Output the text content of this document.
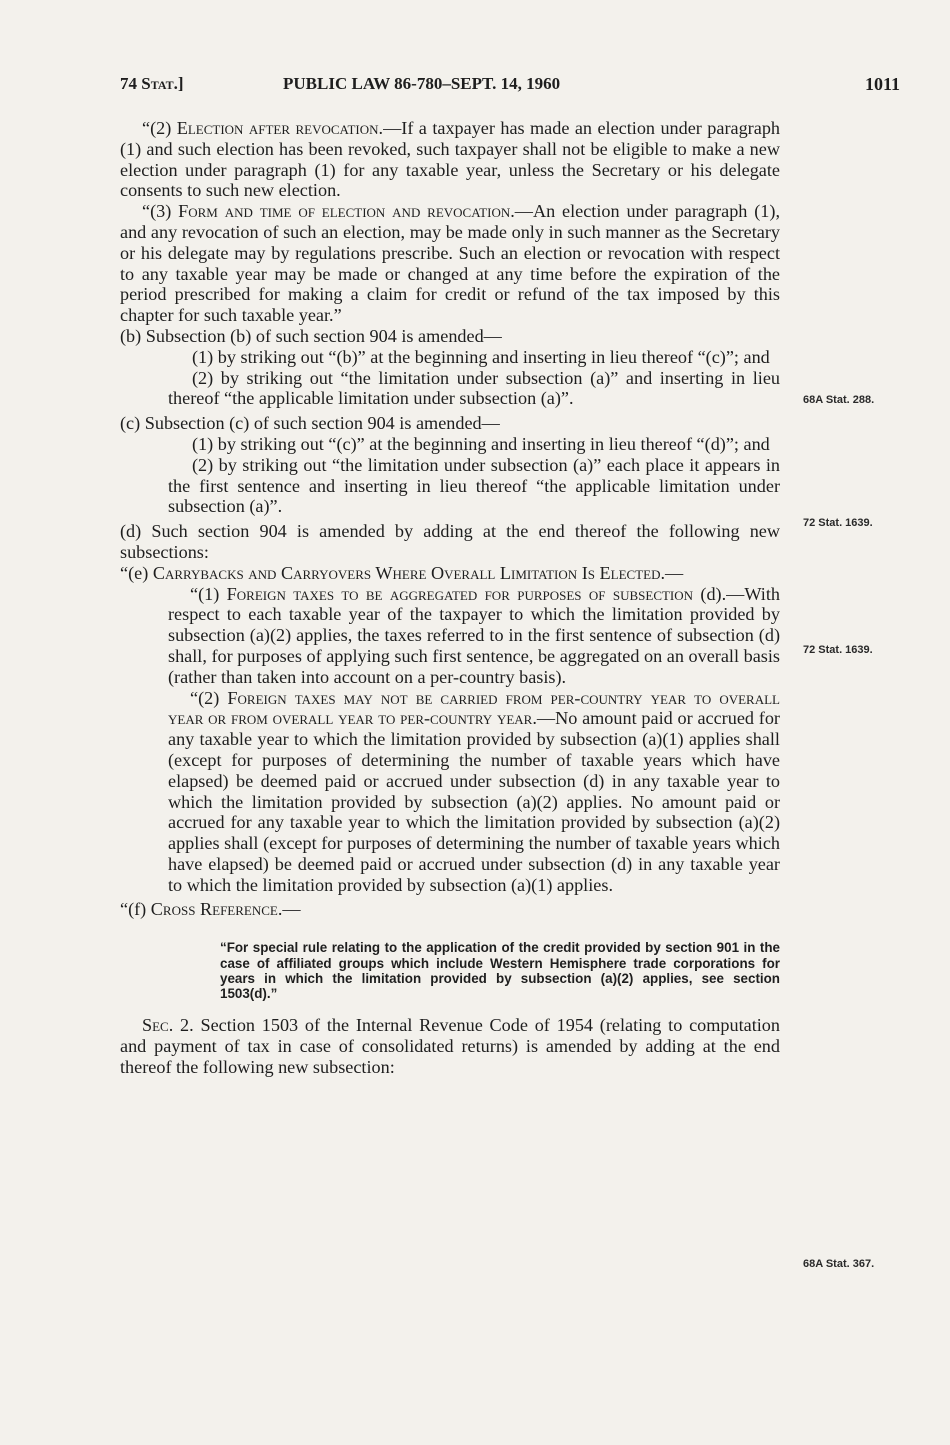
74 Stat.]	PUBLIC LAW 86-780–SEPT. 14, 1960	1011

“(2) Election after revocation.—If a taxpayer has made an election under paragraph (1) and such election has been revoked, such taxpayer shall not be eligible to make a new election under paragraph (1) for any taxable year, unless the Secretary or his delegate consents to such new election.

“(3) Form and time of election and revocation.—An election under paragraph (1), and any revocation of such an election, may be made only in such manner as the Secretary or his delegate may by regulations prescribe. Such an election or revocation with respect to any taxable year may be made or changed at any time before the expiration of the period prescribed for making a claim for credit or refund of the tax imposed by this chapter for such taxable year.”

(b) Subsection (b) of such section 904 is amended—

(1) by striking out “(b)” at the beginning and inserting in lieu thereof “(c)”; and

(2) by striking out “the limitation under subsection (a)” and inserting in lieu thereof “the applicable limitation under subsection (a)”.

(c) Subsection (c) of such section 904 is amended—

(1) by striking out “(c)” at the beginning and inserting in lieu thereof “(d)”; and

(2) by striking out “the limitation under subsection (a)” each place it appears in the first sentence and inserting in lieu thereof “the applicable limitation under subsection (a)”.

(d) Such section 904 is amended by adding at the end thereof the following new subsections:

“(e) Carrybacks and Carryovers Where Overall Limitation Is Elected.—

“(1) Foreign taxes to be aggregated for purposes of subsection (d).—With respect to each taxable year of the taxpayer to which the limitation provided by subsection (a)(2) applies, the taxes referred to in the first sentence of subsection (d) shall, for purposes of applying such first sentence, be aggregated on an overall basis (rather than taken into account on a per-country basis).

“(2) Foreign taxes may not be carried from per-country year to overall year or from overall year to per-country year.—No amount paid or accrued for any taxable year to which the limitation provided by subsection (a)(1) applies shall (except for purposes of determining the number of taxable years which have elapsed) be deemed paid or accrued under subsection (d) in any taxable year to which the limitation provided by subsection (a)(2) applies. No amount paid or accrued for any taxable year to which the limitation provided by subsection (a)(2) applies shall (except for purposes of determining the number of taxable years which have elapsed) be deemed paid or accrued under subsection (d) in any taxable year to which the limitation provided by subsection (a)(1) applies.

“(f) Cross Reference.—

“For special rule relating to the application of the credit provided by section 901 in the case of affiliated groups which include Western Hemisphere trade corporations for years in which the limitation provided by subsection (a)(2) applies, see section 1503(d).”

Sec. 2. Section 1503 of the Internal Revenue Code of 1954 (relating to computation and payment of tax in case of consolidated returns) is amended by adding at the end thereof the following new subsection:

68A Stat. 288.
72 Stat. 1639.
72 Stat. 1639.
68A Stat. 367.
